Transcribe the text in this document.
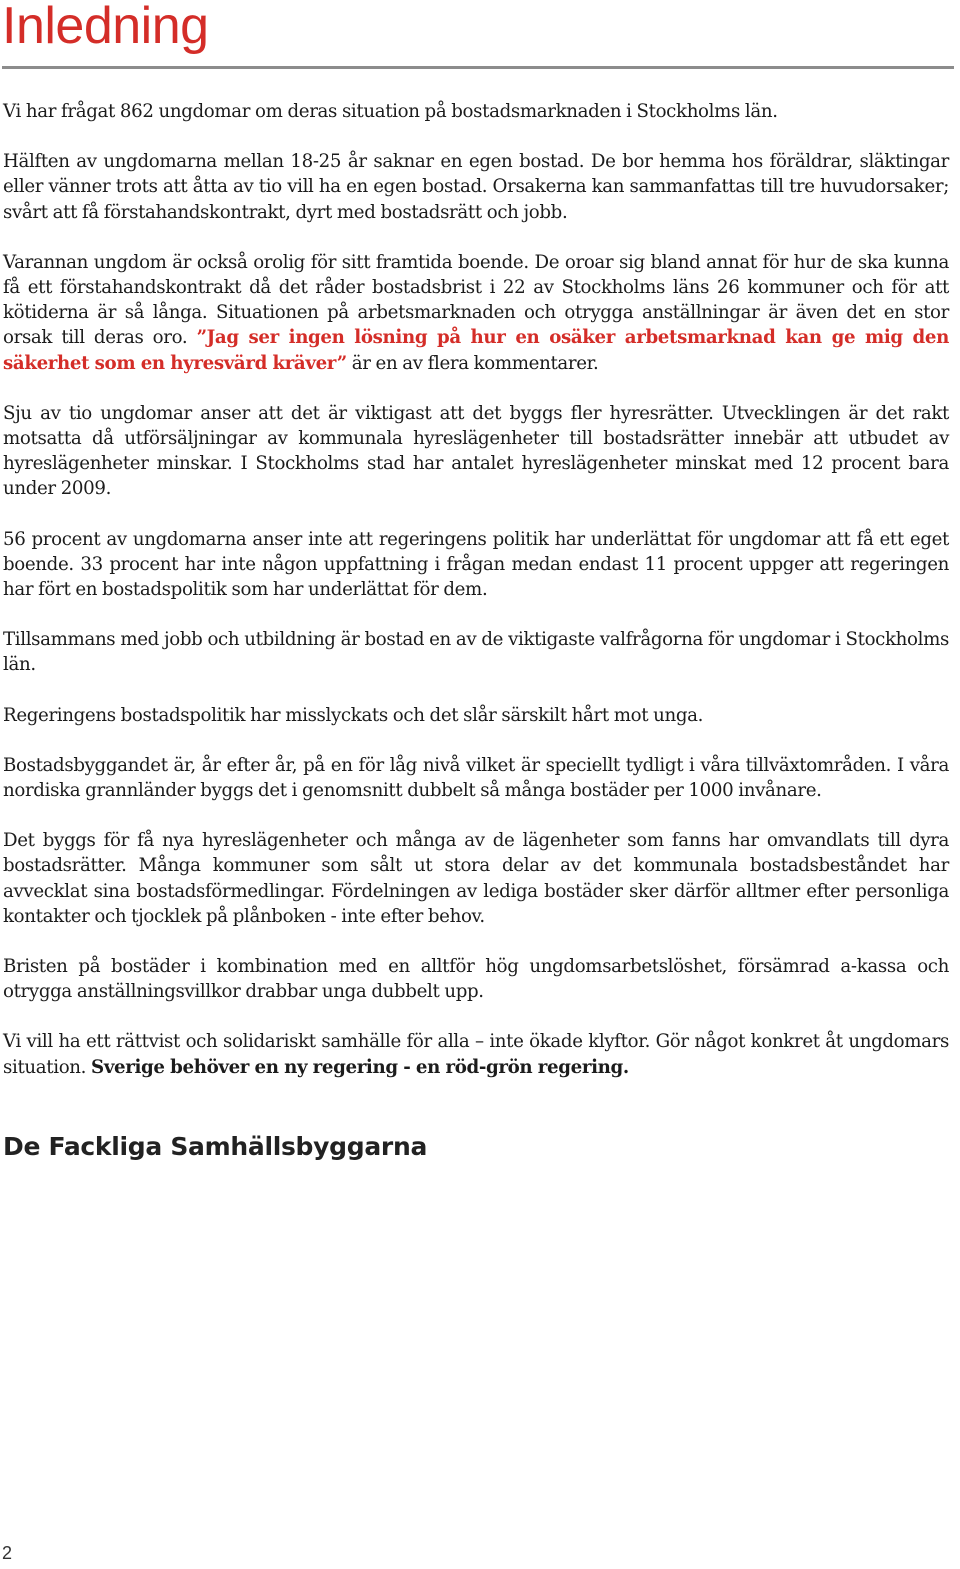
Inledning

Vi har frågat 862 ungdomar om deras situation på bostadsmarknaden i Stockholms län.

Hälften av ungdomarna mellan 18-25 år saknar en egen bostad. De bor hemma hos föräldrar, släktingar eller vänner trots att åtta av tio vill ha en egen bostad. Orsakerna kan sammanfattas till tre huvudorsaker; svårt att få förstahandskontrakt, dyrt med bostadsrätt och jobb.

Varannan ungdom är också orolig för sitt framtida boende. De oroar sig bland annat för hur de ska kunna få ett förstahandskontrakt då det råder bostadsbrist i 22 av Stockholms läns 26 kommuner och för att kötiderna är så långa. Situationen på arbetsmarknaden och otrygga anställningar är även det en stor orsak till deras oro. ”Jag ser ingen lösning på hur en osäker arbetsmarknad kan ge mig den säkerhet som en hyresvärd kräver” är en av flera kommentarer.

Sju av tio ungdomar anser att det är viktigast att det byggs fler hyresrätter. Utvecklingen är det rakt motsatta då utförsäljningar av kommunala hyreslägenheter till bostadsrätter innebär att utbudet av hyreslägenheter minskar. I Stockholms stad har antalet hyreslägenheter minskat med 12 procent bara under 2009.

56 procent av ungdomarna anser inte att regeringens politik har underlättat för ungdomar att få ett eget boende. 33 procent har inte någon uppfattning i frågan medan endast 11 procent uppger att regeringen har fört en bostadspolitik som har underlättat för dem.

Tillsammans med jobb och utbildning är bostad en av de viktigaste valfrågorna för ungdomar i Stockholms län.

Regeringens bostadspolitik har misslyckats och det slår särskilt hårt mot unga.

Bostadsbyggandet är, år efter år, på en för låg nivå vilket är speciellt tydligt i våra tillväxtområden. I våra nordiska grannländer byggs det i genomsnitt dubbelt så många bostäder per 1000 invånare.

Det byggs för få nya hyreslägenheter och många av de lägenheter som fanns har omvandlats till dyra bostadsrätter. Många kommuner som sålt ut stora delar av det kommunala bostadsbeståndet har avvecklat sina bostadsförmedlingar. Fördelningen av lediga bostäder sker därför alltmer efter personliga kontakter och tjocklek på plånboken - inte efter behov.

Bristen på bostäder i kombination med en alltför hög ungdomsarbetslöshet, försämrad a-kassa och otrygga anställningsvillkor drabbar unga dubbelt upp.

Vi vill ha ett rättvist och solidariskt samhälle för alla – inte ökade klyftor. Gör något konkret åt ungdomars situation. Sverige behöver en ny regering - en röd-grön regering.

De Fackliga Samhällsbyggarna
2
